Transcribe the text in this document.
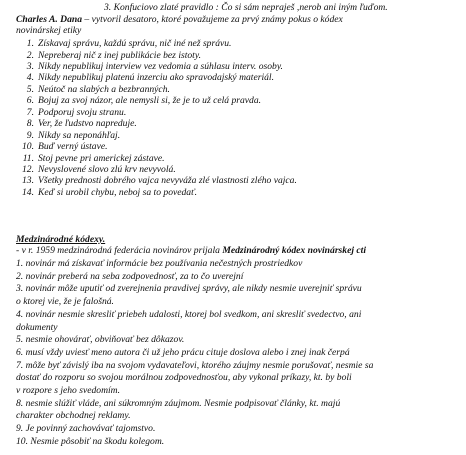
3. Konfuciovo zlaté pravidlo : Čo si sám nepraješ ,nerob ani iným ľuďom.
Charles A. Dana – vytvoril desatoro, ktoré považujeme za prvý známy pokus o kódex
novinárskej etiky
1. Získavaj správu, každú správu, nič iné než správu.
2. Nepreberaj nič z inej publikácie bez istoty.
3. Nikdy nepublikuj interview vez vedomia a súhlasu interv. osoby.
4. Nikdy nepublikuj platenú inzerciu ako spravodajský materiál.
5. Neútoč na slabých a bezbranných.
6. Bojuj za svoj názor, ale nemysli si, že je to už celá pravda.
7. Podporuj svoju stranu.
8. Ver, že ľudstvo napreduje.
9. Nikdy sa neponáhľaj.
10. Buď verný ústave.
11. Stoj pevne pri americkej zástave.
12. Nevyslovené slovo zlú krv nevyvolá.
13. Všetky prednosti dobrého vajca nevyváža zlé vlastnosti zlého vajca.
14. Keď si urobil chybu, neboj sa to povedať.
Medzinárodné kódexy.
- v r. 1959 medzinárodná federácia novinárov prijala Medzinárodný kódex novinárskej cti
1. novinár má získavať informácie bez používania nečestných prostriedkov
2. novinár preberá na seba zodpovednosť, za to čo uverejní
3. novinár môže uputiť od zverejnenia pravdivej správy, ale nikdy nesmie uverejniť správu
o ktorej vie, že je falošná.
4. novinár nesmie skresliť priebeh udalosti, ktorej bol svedkom, ani skresliť svedectvo, ani
dokumenty
5. nesmie ohovárať, obviňovať bez dôkazov.
6. musí vždy uviesť meno autora či už jeho prácu cituje doslova alebo i znej inak čerpá
7. môže byť závislý iba na svojom vydavateľovi, ktorého záujmy nesmie porušovať, nesmie sa
dostať do rozporu so svojou morálnou zodpovednosťou, aby vykonal príkazy, kt. by boli
v rozpore s jeho svedomím.
8. nesmie slúžiť vláde, ani súkromným záujmom. Nesmie podpisovať články, kt. majú
charakter obchodnej reklamy.
9. Je povinný zachovávať tajomstvo.
10. Nesmie pôsobiť na škodu kolegom.
